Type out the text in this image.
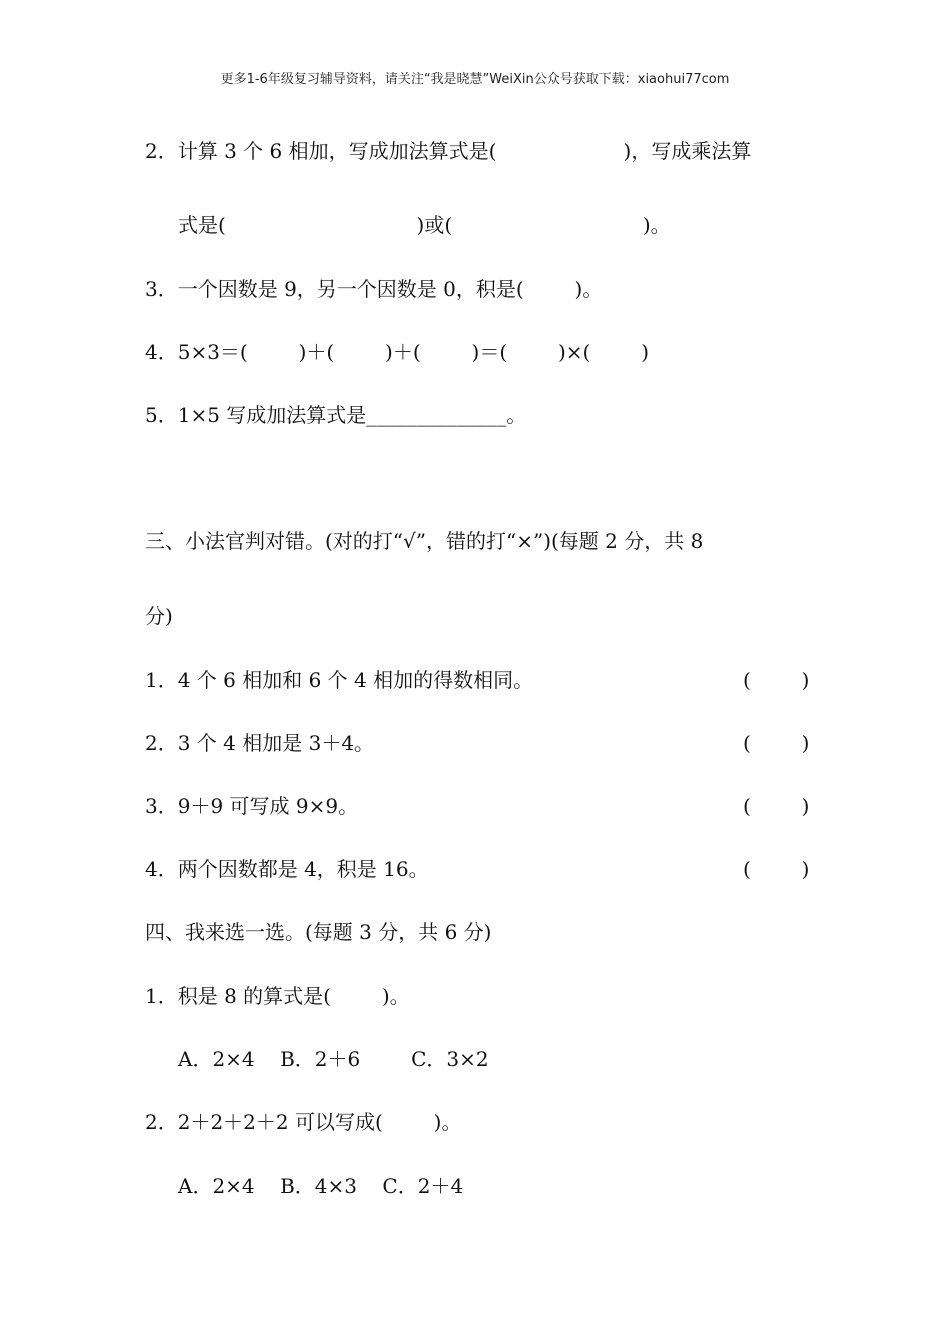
更多1-6年级复习辅导资料，请关注“我是晓慧”WeiXin公众号获取下载：xiaohui77com
2．计算 3 个 6 相加，写成加法算式是(                    )，写成乘法算
式是(                              )或(                              )。
3．一个因数是 9，另一个因数是 0，积是(        )。
4．5×3＝(        )＋(        )＋(        )＝(        )×(        )
5．1×5 写成加法算式是______________。
三、小法官判对错。(对的打“√”，错的打“×”)(每题 2 分，共 8
分)
1．4 个 6 相加和 6 个 4 相加的得数相同。	(        )
2．3 个 4 相加是 3＋4。	(        )
3．9＋9 可写成 9×9。	(        )
4．两个因数都是 4，积是 16。	(        )
四、我来选一选。(每题 3 分，共 6 分)
1．积是 8 的算式是(        )。
A．2×4    B．2＋6        C．3×2
2．2＋2＋2＋2 可以写成(        )。
A．2×4    B．4×3    C．2＋4
